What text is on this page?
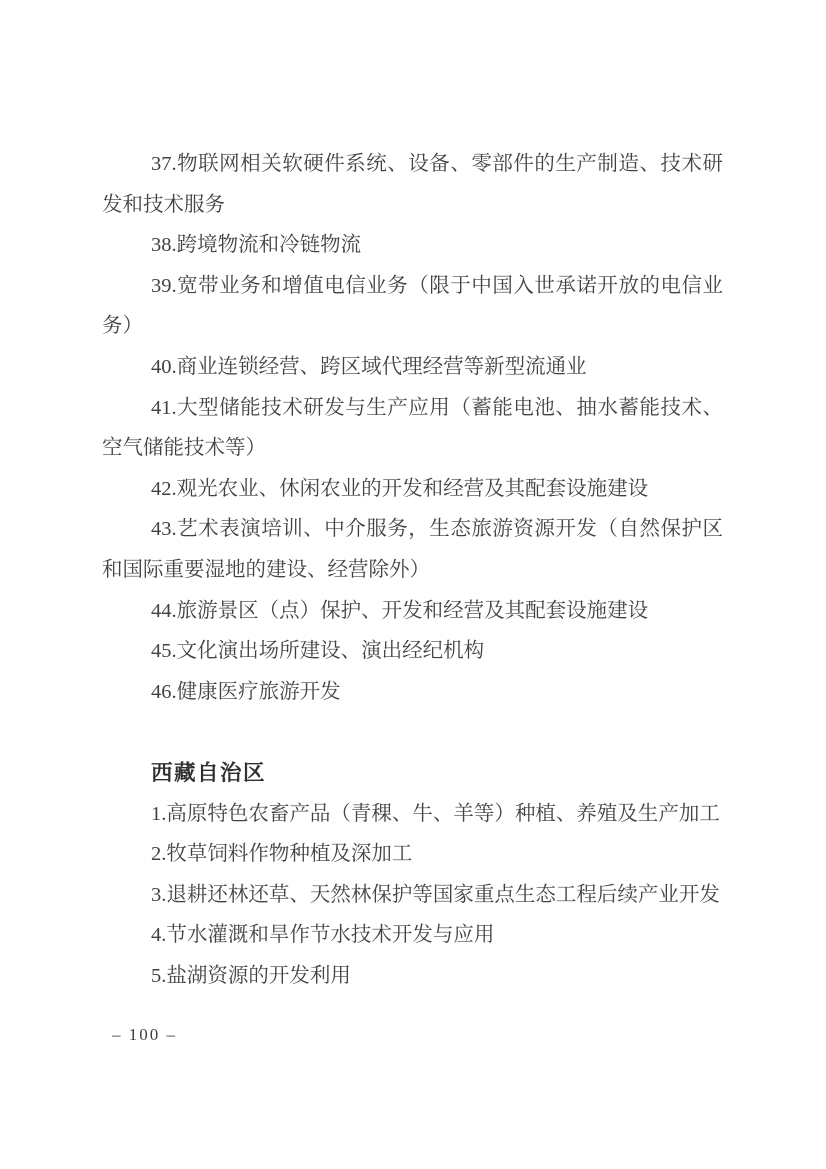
37.物联网相关软硬件系统、设备、零部件的生产制造、技术研

发和技术服务

38.跨境物流和冷链物流

39.宽带业务和增值电信业务（限于中国入世承诺开放的电信业

务）

40.商业连锁经营、跨区域代理经营等新型流通业

41.大型储能技术研发与生产应用（蓄能电池、抽水蓄能技术、

空气储能技术等）

42.观光农业、休闲农业的开发和经营及其配套设施建设

43.艺术表演培训、中介服务，生态旅游资源开发（自然保护区

和国际重要湿地的建设、经营除外）

44.旅游景区（点）保护、开发和经营及其配套设施建设

45.文化演出场所建设、演出经纪机构

46.健康医疗旅游开发

西藏自治区

1.高原特色农畜产品（青稞、牛、羊等）种植、养殖及生产加工

2.牧草饲料作物种植及深加工

3.退耕还林还草、天然林保护等国家重点生态工程后续产业开发

4.节水灌溉和旱作节水技术开发与应用

5.盐湖资源的开发利用

– 100 –
